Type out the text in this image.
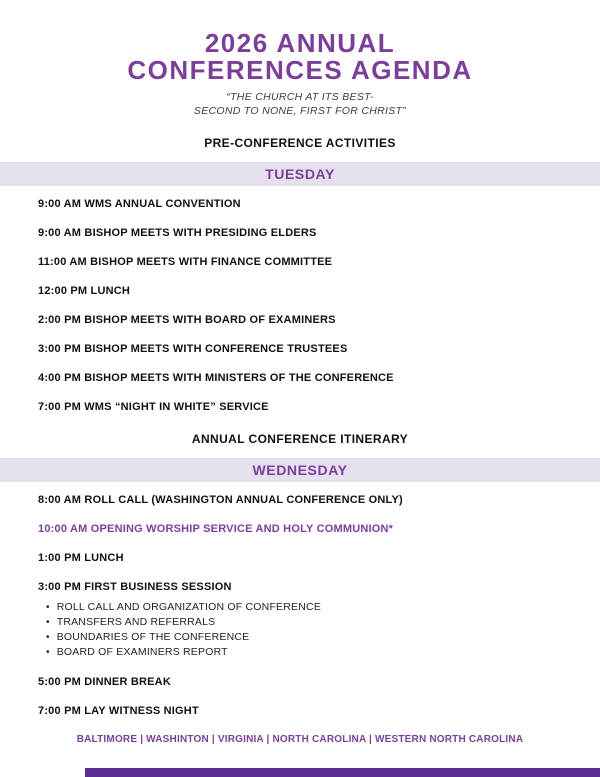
2026 ANNUAL
CONFERENCES AGENDA

“THE CHURCH AT ITS BEST-
SECOND TO NONE, FIRST FOR CHRIST”

PRE-CONFERENCE ACTIVITIES
TUESDAY
9:00 AM WMS ANNUAL CONVENTION
9:00 AM BISHOP MEETS WITH PRESIDING ELDERS
11:00 AM BISHOP MEETS WITH FINANCE COMMITTEE
12:00 PM LUNCH
2:00 PM BISHOP MEETS WITH BOARD OF EXAMINERS
3:00 PM BISHOP MEETS WITH CONFERENCE TRUSTEES
4:00 PM BISHOP MEETS WITH MINISTERS OF THE CONFERENCE
7:00 PM WMS “NIGHT IN WHITE” SERVICE
ANNUAL CONFERENCE ITINERARY
WEDNESDAY
8:00 AM ROLL CALL (WASHINGTON ANNUAL CONFERENCE ONLY)
10:00 AM OPENING WORSHIP SERVICE AND HOLY COMMUNION*
1:00 PM LUNCH
3:00 PM FIRST BUSINESS SESSION
• ROLL CALL AND ORGANIZATION OF CONFERENCE
• TRANSFERS AND REFERRALS
• BOUNDARIES OF THE CONFERENCE
• BOARD OF EXAMINERS REPORT
5:00 PM DINNER BREAK
7:00 PM LAY WITNESS NIGHT

BALTIMORE | WASHINTON | VIRGINIA | NORTH CAROLINA | WESTERN NORTH CAROLINA
